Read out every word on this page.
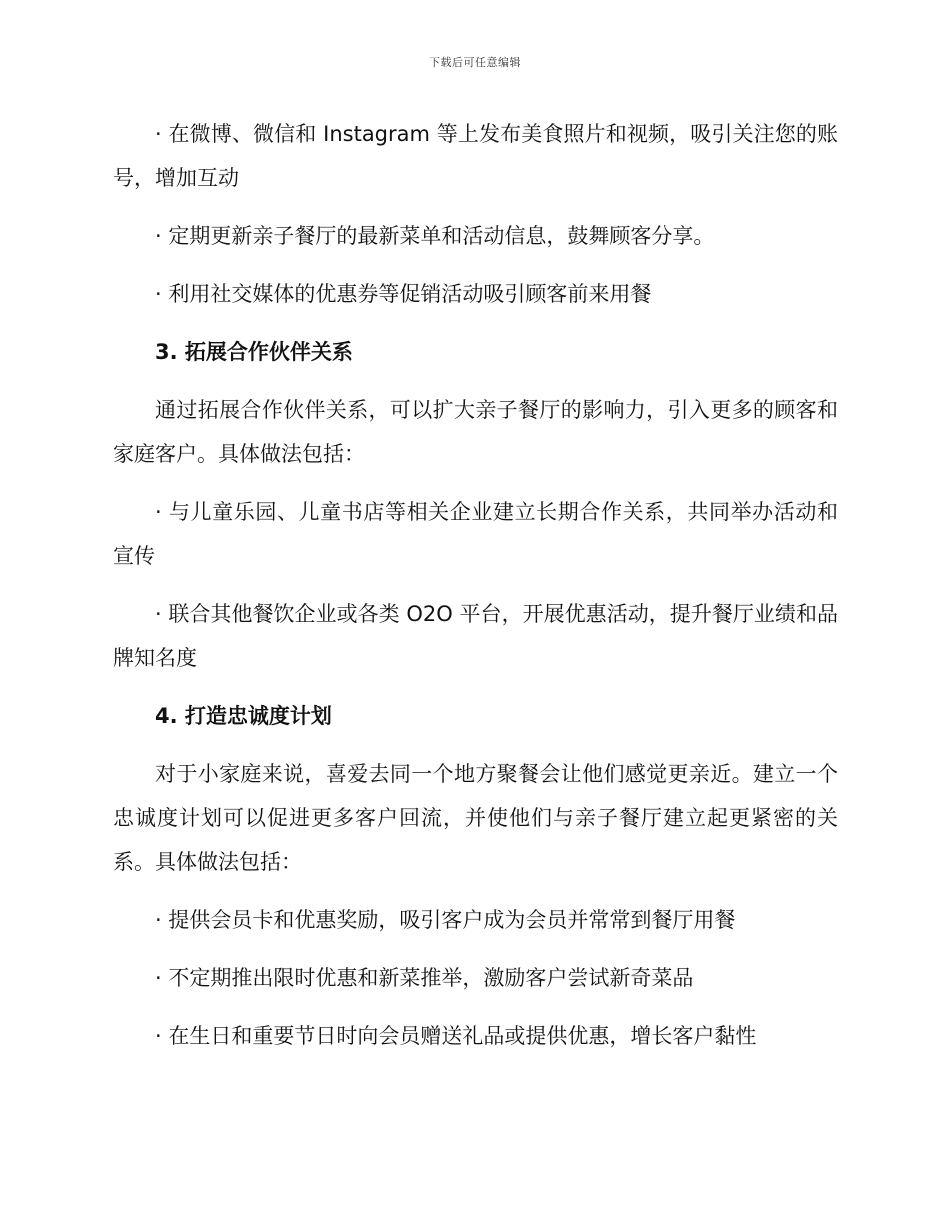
下载后可任意编辑

· 在微博、微信和 Instagram 等上发布美食照片和视频，吸引关注您的账号，增加互动

· 定期更新亲子餐厅的最新菜单和活动信息，鼓舞顾客分享。

· 利用社交媒体的优惠券等促销活动吸引顾客前来用餐

3. 拓展合作伙伴关系

通过拓展合作伙伴关系，可以扩大亲子餐厅的影响力，引入更多的顾客和家庭客户。具体做法包括：

· 与儿童乐园、儿童书店等相关企业建立长期合作关系，共同举办活动和宣传

· 联合其他餐饮企业或各类 O2O 平台，开展优惠活动，提升餐厅业绩和品牌知名度

4. 打造忠诚度计划

对于小家庭来说，喜爱去同一个地方聚餐会让他们感觉更亲近。建立一个忠诚度计划可以促进更多客户回流，并使他们与亲子餐厅建立起更紧密的关系。具体做法包括：

· 提供会员卡和优惠奖励，吸引客户成为会员并常常到餐厅用餐

· 不定期推出限时优惠和新菜推举，激励客户尝试新奇菜品

· 在生日和重要节日时向会员赠送礼品或提供优惠，增长客户黏性
